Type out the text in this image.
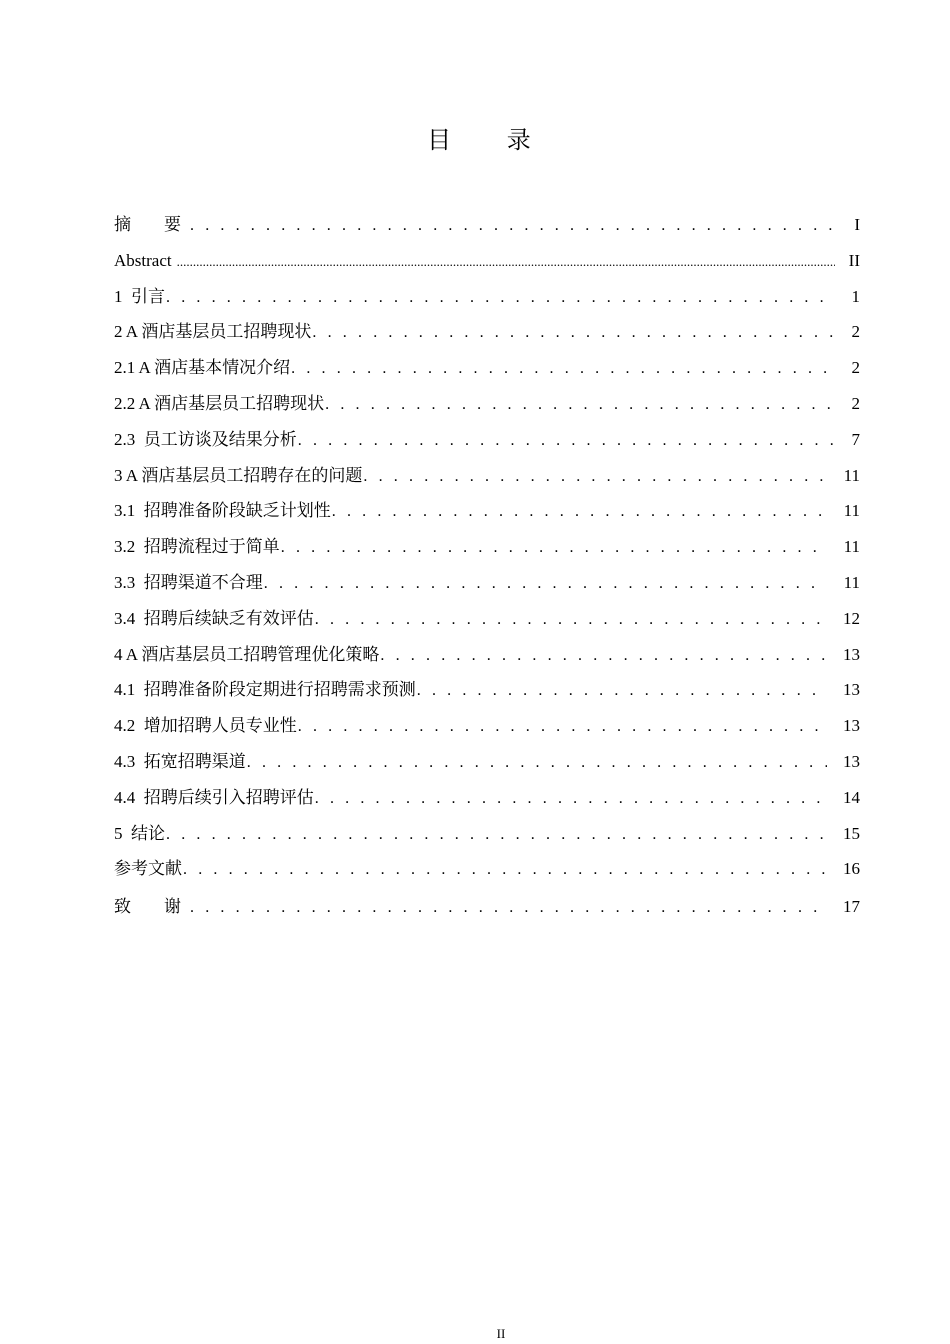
目 录
摘　要 . . .	I
Abstract .....	II
1  引言 . . .	1
2 A 酒店基层员工招聘现状 . . .	2
2.1 A 酒店基本情况介绍 . . .	2
2.2 A 酒店基层员工招聘现状 . . .	2
2.3  员工访谈及结果分析 . . .	7
3 A 酒店基层员工招聘存在的问题 . . .	11
3.1  招聘准备阶段缺乏计划性 . . .	11
3.2  招聘流程过于简单 . . .	11
3.3  招聘渠道不合理 . . .	11
3.4  招聘后续缺乏有效评估 . . .	12
4 A 酒店基层员工招聘管理优化策略 . . .	13
4.1  招聘准备阶段定期进行招聘需求预测 . . .	13
4.2  增加招聘人员专业性 . . .	13
4.3  拓宽招聘渠道 . . .	13
4.4  招聘后续引入招聘评估 . . .	14
5  结论 . . .	15
参考文献 . . .	16
致　谢 . . .	17
II
